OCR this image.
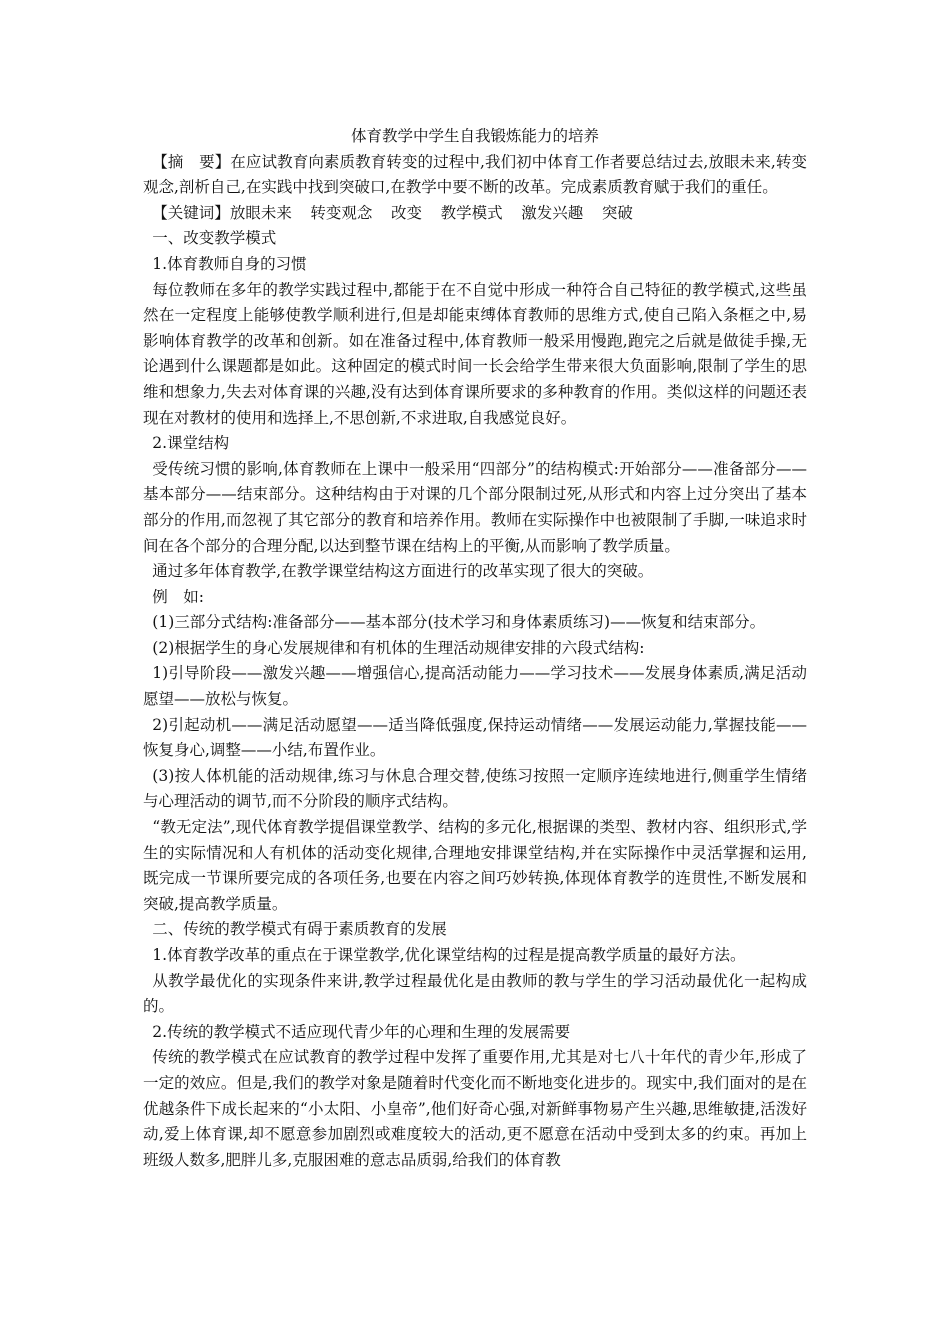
体育教学中学生自我锻炼能力的培养

【摘　要】在应试教育向素质教育转变的过程中,我们初中体育工作者要总结过去,放眼未来,转变观念,剖析自己,在实践中找到突破口,在教学中要不断的改革。完成素质教育赋于我们的重任。

【关键词】放眼未来 转变观念 改变 教学模式 激发兴趣 突破

一、改变教学模式

1.体育教师自身的习惯

每位教师在多年的教学实践过程中,都能于在不自觉中形成一种符合自己特征的教学模式,这些虽然在一定程度上能够使教学顺利进行,但是却能束缚体育教师的思维方式,使自己陷入条框之中,易影响体育教学的改革和创新。如在准备过程中,体育教师一般采用慢跑,跑完之后就是做徒手操,无论遇到什么课题都是如此。这种固定的模式时间一长会给学生带来很大负面影响,限制了学生的思维和想象力,失去对体育课的兴趣,没有达到体育课所要求的多种教育的作用。类似这样的问题还表现在对教材的使用和选择上,不思创新,不求进取,自我感觉良好。

2.课堂结构

受传统习惯的影响,体育教师在上课中一般采用“四部分”的结构模式:开始部分——准备部分——基本部分——结束部分。这种结构由于对课的几个部分限制过死,从形式和内容上过分突出了基本部分的作用,而忽视了其它部分的教育和培养作用。教师在实际操作中也被限制了手脚,一味追求时间在各个部分的合理分配,以达到整节课在结构上的平衡,从而影响了教学质量。

通过多年体育教学,在教学课堂结构这方面进行的改革实现了很大的突破。

例　如:

(1)三部分式结构:准备部分——基本部分(技术学习和身体素质练习)——恢复和结束部分。

(2)根据学生的身心发展规律和有机体的生理活动规律安排的六段式结构:

1)引导阶段——激发兴趣——增强信心,提高活动能力——学习技术——发展身体素质,满足活动愿望——放松与恢复。

2)引起动机——满足活动愿望——适当降低强度,保持运动情绪——发展运动能力,掌握技能——恢复身心,调整——小结,布置作业。

(3)按人体机能的活动规律,练习与休息合理交替,使练习按照一定顺序连续地进行,侧重学生情绪与心理活动的调节,而不分阶段的顺序式结构。

“教无定法”,现代体育教学提倡课堂教学、结构的多元化,根据课的类型、教材内容、组织形式,学生的实际情况和人有机体的活动变化规律,合理地安排课堂结构,并在实际操作中灵活掌握和运用,既完成一节课所要完成的各项任务,也要在内容之间巧妙转换,体现体育教学的连贯性,不断发展和突破,提高教学质量。

二、传统的教学模式有碍于素质教育的发展

1.体育教学改革的重点在于课堂教学,优化课堂结构的过程是提高教学质量的最好方法。

从教学最优化的实现条件来讲,教学过程最优化是由教师的教与学生的学习活动最优化一起构成的。

2.传统的教学模式不适应现代青少年的心理和生理的发展需要

传统的教学模式在应试教育的教学过程中发挥了重要作用,尤其是对七八十年代的青少年,形成了一定的效应。但是,我们的教学对象是随着时代变化而不断地变化进步的。现实中,我们面对的是在优越条件下成长起来的“小太阳、小皇帝”,他们好奇心强,对新鲜事物易产生兴趣,思维敏捷,活泼好动,爱上体育课,却不愿意参加剧烈或难度较大的活动,更不愿意在活动中受到太多的约束。再加上班级人数多,肥胖儿多,克服困难的意志品质弱,给我们的体育教
